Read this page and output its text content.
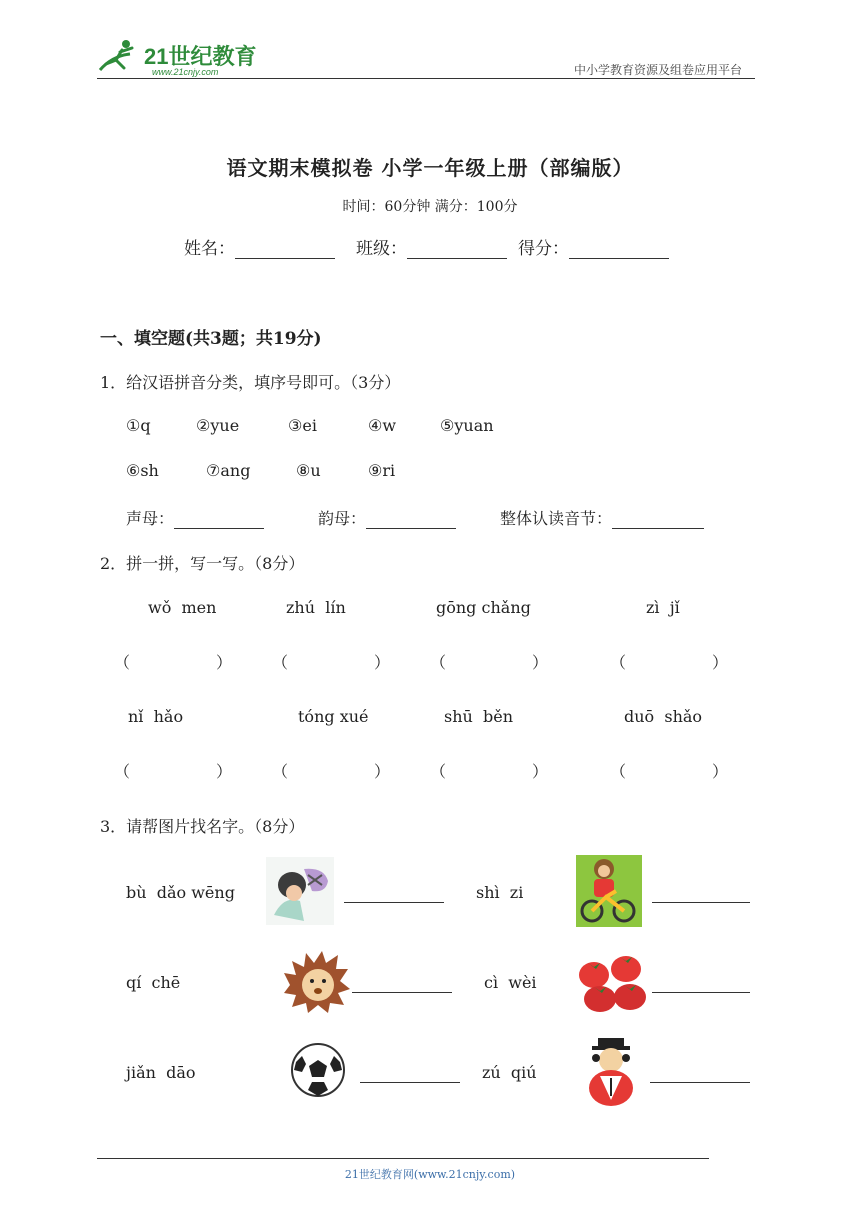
21世纪教育
www.21cnjy.com	中小学教育资源及组卷应用平台
语文期末模拟卷 小学一年级上册（部编版）
时间：60分钟 满分：100分
姓名：	班级：	得分：
一、填空题(共3题；共19分)
1．给汉语拼音分类，填序号即可。（3分）
①q	②yue	③ei	④w	⑤yuan
⑥sh	⑦ang	⑧u	⑨ri
声母：	韵母：	整体认读音节：
2．拼一拼，写一写。（8分）
wǒ  men	zhú  lín	gōng chǎng	zì  jǐ
（	） （	） （	）	（	）
nǐ  hǎo	tóng xué	shū  běn	duō  shǎo
（	） （	） （	）	（	）
3．请帮图片找名字。（8分）
bù  dǎo wēng	shì  zi
qí  chē	cì  wèi
jiǎn  dāo	zú  qiú
21世纪教育网(www.21cnjy.com)
